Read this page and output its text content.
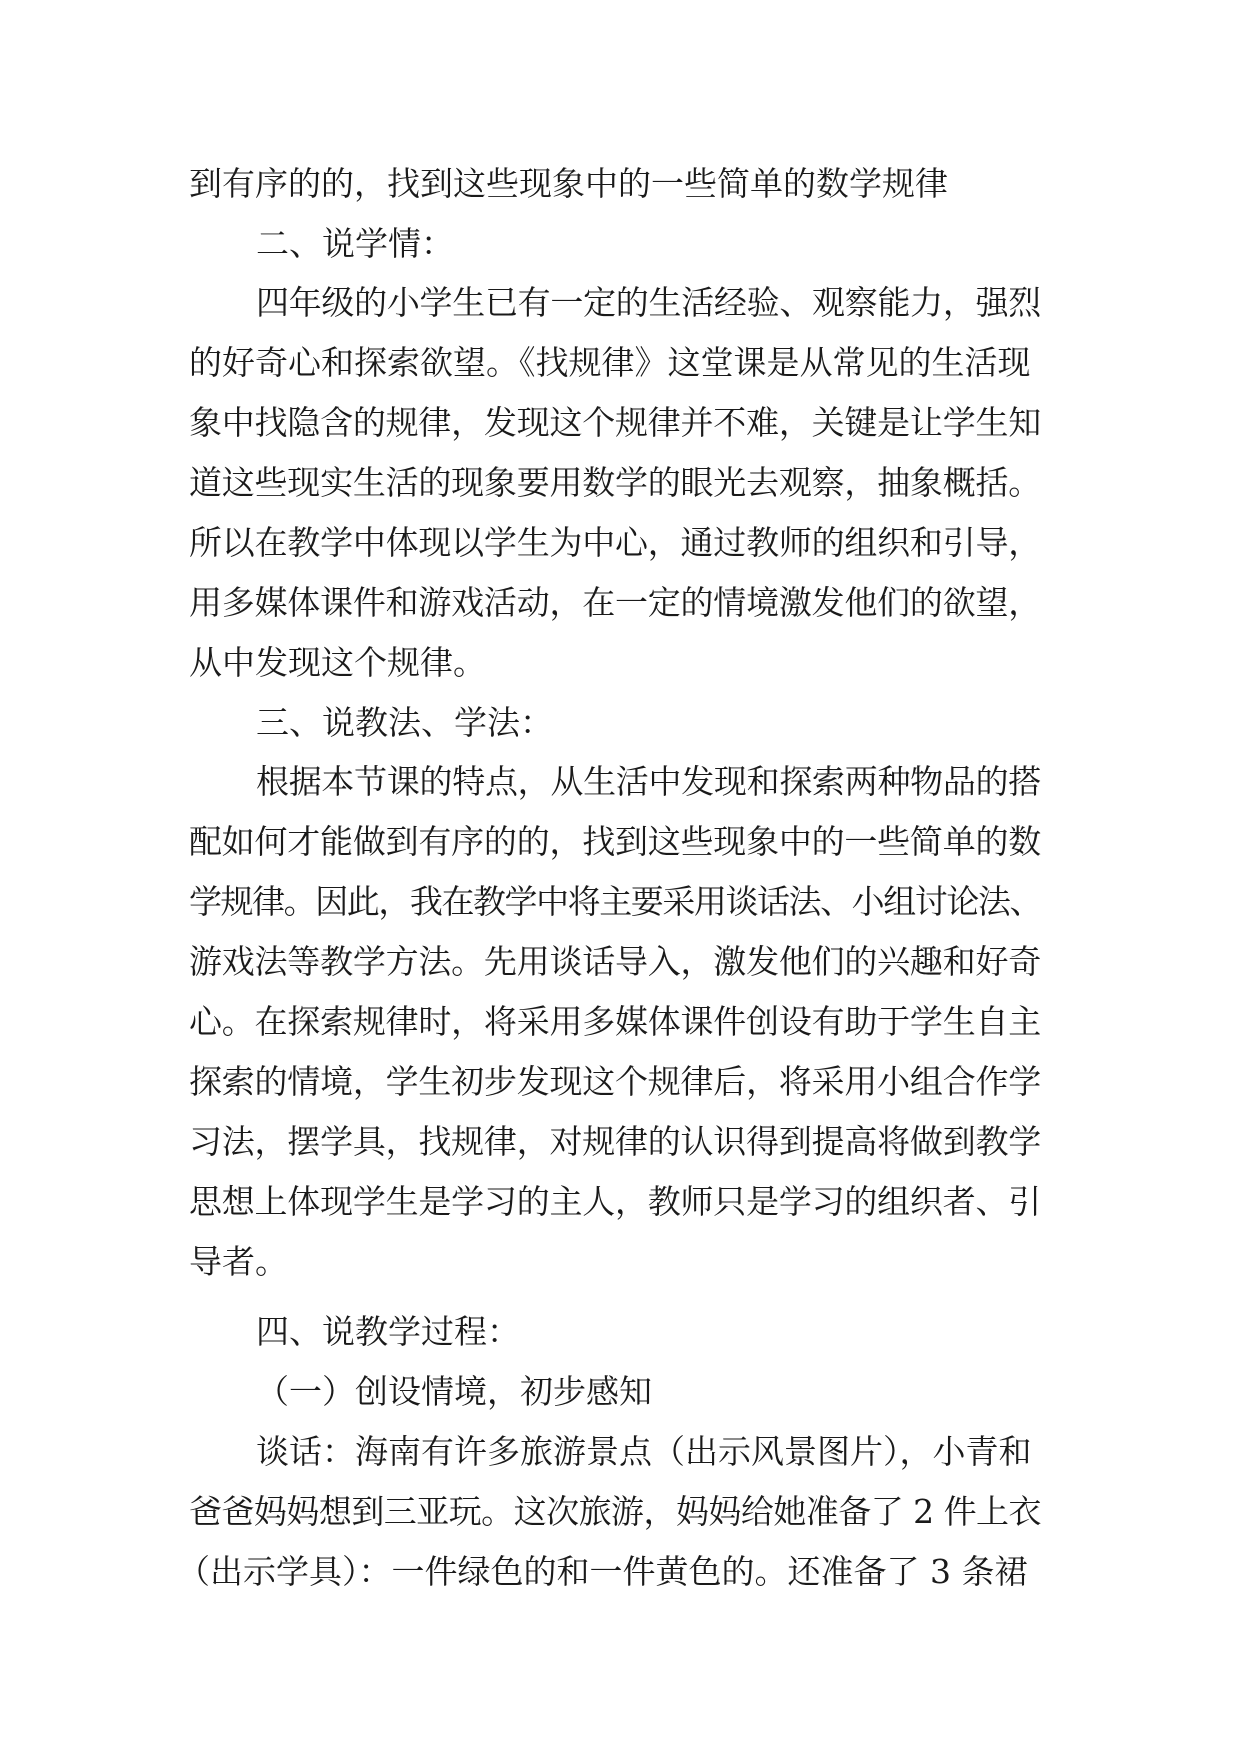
到有序的的，找到这些现象中的一些简单的数学规律
二、说学情：
四年级的小学生已有一定的生活经验、观察能力，强烈
的好奇心和探索欲望。《找规律》这堂课是从常见的生活现
象中找隐含的规律，发现这个规律并不难，关键是让学生知
道这些现实生活的现象要用数学的眼光去观察，抽象概括。
所以在教学中体现以学生为中心，通过教师的组织和引导，
用多媒体课件和游戏活动，在一定的情境激发他们的欲望，
从中发现这个规律。
三、说教法、学法：
根据本节课的特点，从生活中发现和探索两种物品的搭
配如何才能做到有序的的，找到这些现象中的一些简单的数
学规律。因此，我在教学中将主要采用谈话法、小组讨论法、
游戏法等教学方法。先用谈话导入，激发他们的兴趣和好奇
心。在探索规律时，将采用多媒体课件创设有助于学生自主
探索的情境，学生初步发现这个规律后，将采用小组合作学
习法，摆学具，找规律，对规律的认识得到提高将做到教学
思想上体现学生是学习的主人，教师只是学习的组织者、引
导者。
四、说教学过程：
（一）创设情境，初步感知
谈话：海南有许多旅游景点（出示风景图片），小青和
爸爸妈妈想到三亚玩。这次旅游，妈妈给她准备了 2 件上衣
（出示学具）：一件绿色的和一件黄色的。还准备了 3 条裙
